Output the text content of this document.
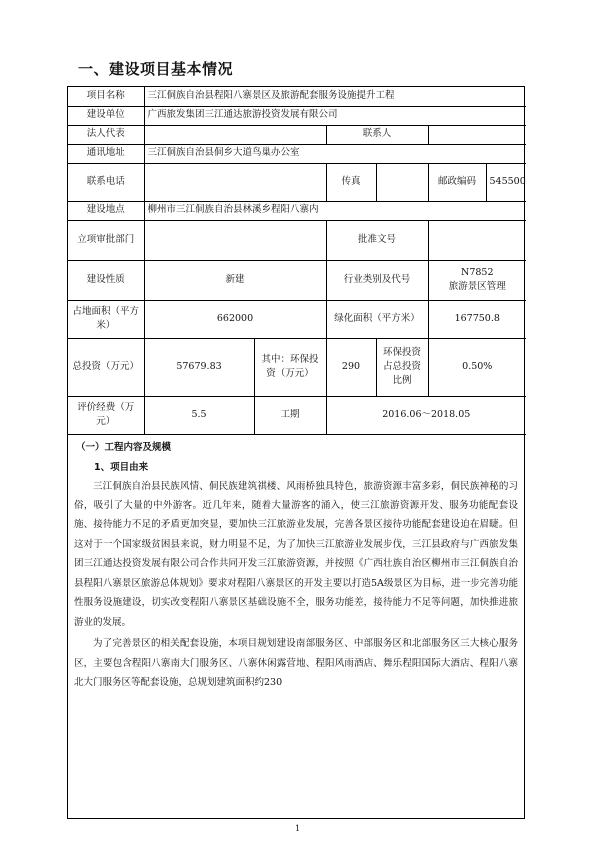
一、建设项目基本情况
项目名称	三江侗族自治县程阳八寨景区及旅游配套服务设施提升工程					
建设单位	广西旅发集团三江通达旅游投资发展有限公司					
法人代表			联系人			
通讯地址	三江侗族自治县侗乡大道鸟巢办公室					
联系电话			传真		邮政编码	545500
建设地点	柳州市三江侗族自治县林溪乡程阳八寨内					
立项审批部门			批准文号			
建设性质	新建		行业类别及代号		N7852
旅游景区管理	

占地面积（平方米）	662000		绿化面积（平方米）		167750.8	
总投资（万元）	57679.83	其中：环保投资（万元）	290	环保投资占总投资比例	0.50%	
评价经费（万元）	5.5	工期	2016.06～2018.05			
（一）工程内容及规模
1、项目由来
三江侗族自治县民族风情、侗民族建筑祺楼、风雨桥独具特色，旅游资源丰富多彩，侗民族神秘的习俗，吸引了大量的中外游客。近几年来，随着大量游客的涌入，使三江旅游资源开发、服务功能配套设施、接待能力不足的矛盾更加突显，要加快三江旅游业发展，完善各景区接待功能配套建设迫在眉睫。但这对于一个国家级贫困县来说，财力明显不足，为了加快三江旅游业发展步伐，三江县政府与广西旅发集团三江通达投资发展有限公司合作共同开发三江旅游资源，并按照《广西壮族自治区柳州市三江侗族自治县程阳八寨景区旅游总体规划》要求对程阳八寨景区的开发主要以打造5A级景区为目标，进一步完善功能性服务设施建设，切实改变程阳八寨景区基础设施不全，服务功能差，接待能力不足等问题，加快推进旅游业的发展。
为了完善景区的相关配套设施，本项目规划建设南部服务区、中部服务区和北部服务区三大核心服务区，主要包含程阳八寨南大门服务区、八寨休闲露营地、程阳风雨酒店、舞乐程阳国际大酒店、程阳八寨北大门服务区等配套设施，总规划建筑面积约230
1
